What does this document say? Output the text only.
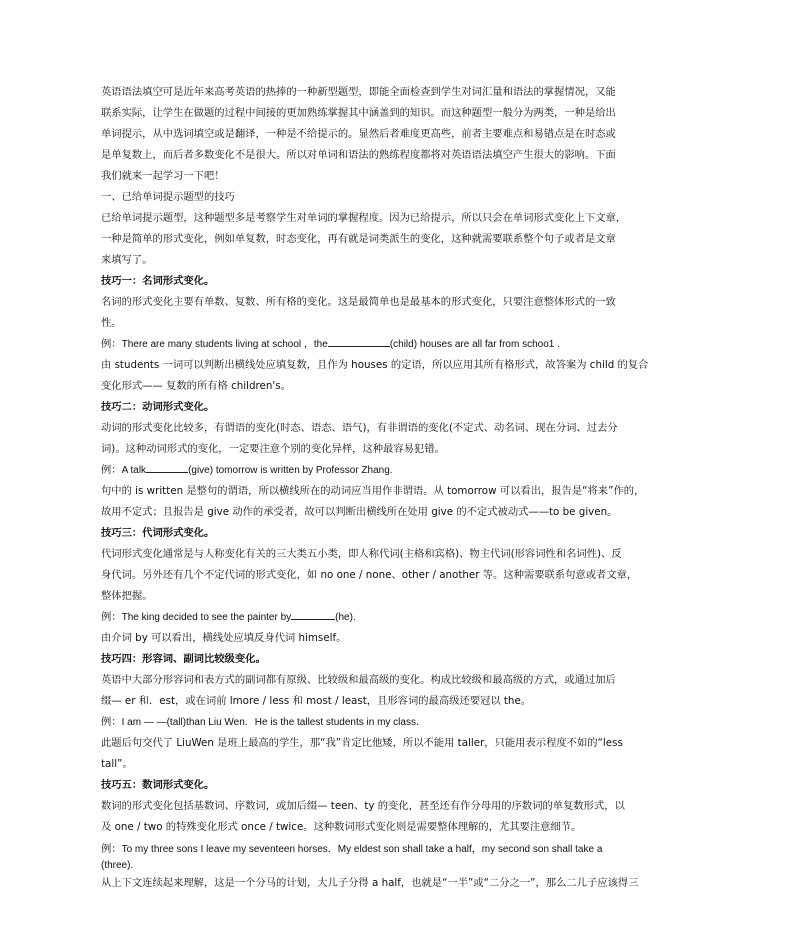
英语语法填空可是近年来高考英语的热捧的一种新型题型，即能全面检查到学生对词汇量和语法的掌握情况，又能
联系实际，让学生在做题的过程中间接的更加熟练掌握其中涵盖到的知识。而这种题型一般分为两类，一种是给出
单词提示，从中选词填空或是翻译，一种是不给提示的。显然后者难度更高些，前者主要难点和易错点是在时态或
是单复数上，而后者多数变化不是很大。所以对单词和语法的熟练程度都将对英语语法填空产生很大的影响。下面
我们就来一起学习一下吧！
一、已给单词提示题型的技巧
已给单词提示题型，这种题型多是考察学生对单词的掌握程度。因为已给提示，所以只会在单词形式变化上下文章，
一种是简单的形式变化，例如单复数，时态变化，再有就是词类派生的变化，这种就需要联系整个句子或者是文章
来填写了。
技巧一：名词形式变化。
名词的形式变化主要有单数、复数、所有格的变化。这是最简单也是最基本的形式变化，只要注意整体形式的一致
性。
例：There are many students living at school ，the	(child) houses are all far from schoo1 .
由 students 一词可以判断出横线处应填复数，且作为 houses 的定语，所以应用其所有格形式，故答案为 child 的复合
变化形式—— 复数的所有格 children's。
技巧二：动词形式变化。
动词的形式变化比较多，有谓语的变化(时态、语态、语气)，有非谓语的变化(不定式、动名词、现在分词、过去分
词)。这种动词形式的变化，一定要注意个别的变化异样，这种最容易犯错。
例：A talk	(give) tomorrow is written by Professor Zhang.
句中的 is written 是整句的谓语，所以横线所在的动词应当用作非谓语。从 tomorrow 可以看出，报告是“将来”作的，
故用不定式；且报告是 give 动作的承受者，故可以判断出横线所在处用 give 的不定式被动式——to be given。
技巧三：代词形式变化。
代词形式变化通常是与人称变化有关的三大类五小类，即人称代词(主格和宾格)、物主代词(形容词性和名词性)、反
身代词。另外还有几个不定代词的形式变化，如 no one / none、other / another 等。这种需要联系句意或者文章，
整体把握。
例：The king decided to see the painter by	(he).
由介词 by 可以看出，横线处应填反身代词 himself。
技巧四：形容词、副词比较级变化。
英语中大部分形容词和表方式的副词都有原级、比较级和最高级的变化。构成比较级和最高级的方式，或通过加后
缀— er 和．est，或在词前 lmore / less 和 most / least，且形容词的最高级还要冠以 the。
例：I am — —(tall)than Liu Wen．He is the tallest students in my class．
此题后句交代了 LiuWen 是班上最高的学生，那“我”肯定比他矮，所以不能用 taller，只能用表示程度不如的“less
tall”。
技巧五：数词形式变化。
数词的形式变化包括基数词、序数词，或加后缀— teen、ty 的变化，甚至还有作分母用的序数词的单复数形式，以
及 one / two 的特殊变化形式 once / twice。这种数词形式变化则是需要整体理解的，尤其要注意细节。
例：To my three sons I leave my seventeen horses．My eldest son shall take a half，my second son shall take a
(three).
从上下文连续起来理解，这是一个分马的计划，大儿子分得 a half，也就是“一半”或“二分之一”，那么二儿子应该得三
